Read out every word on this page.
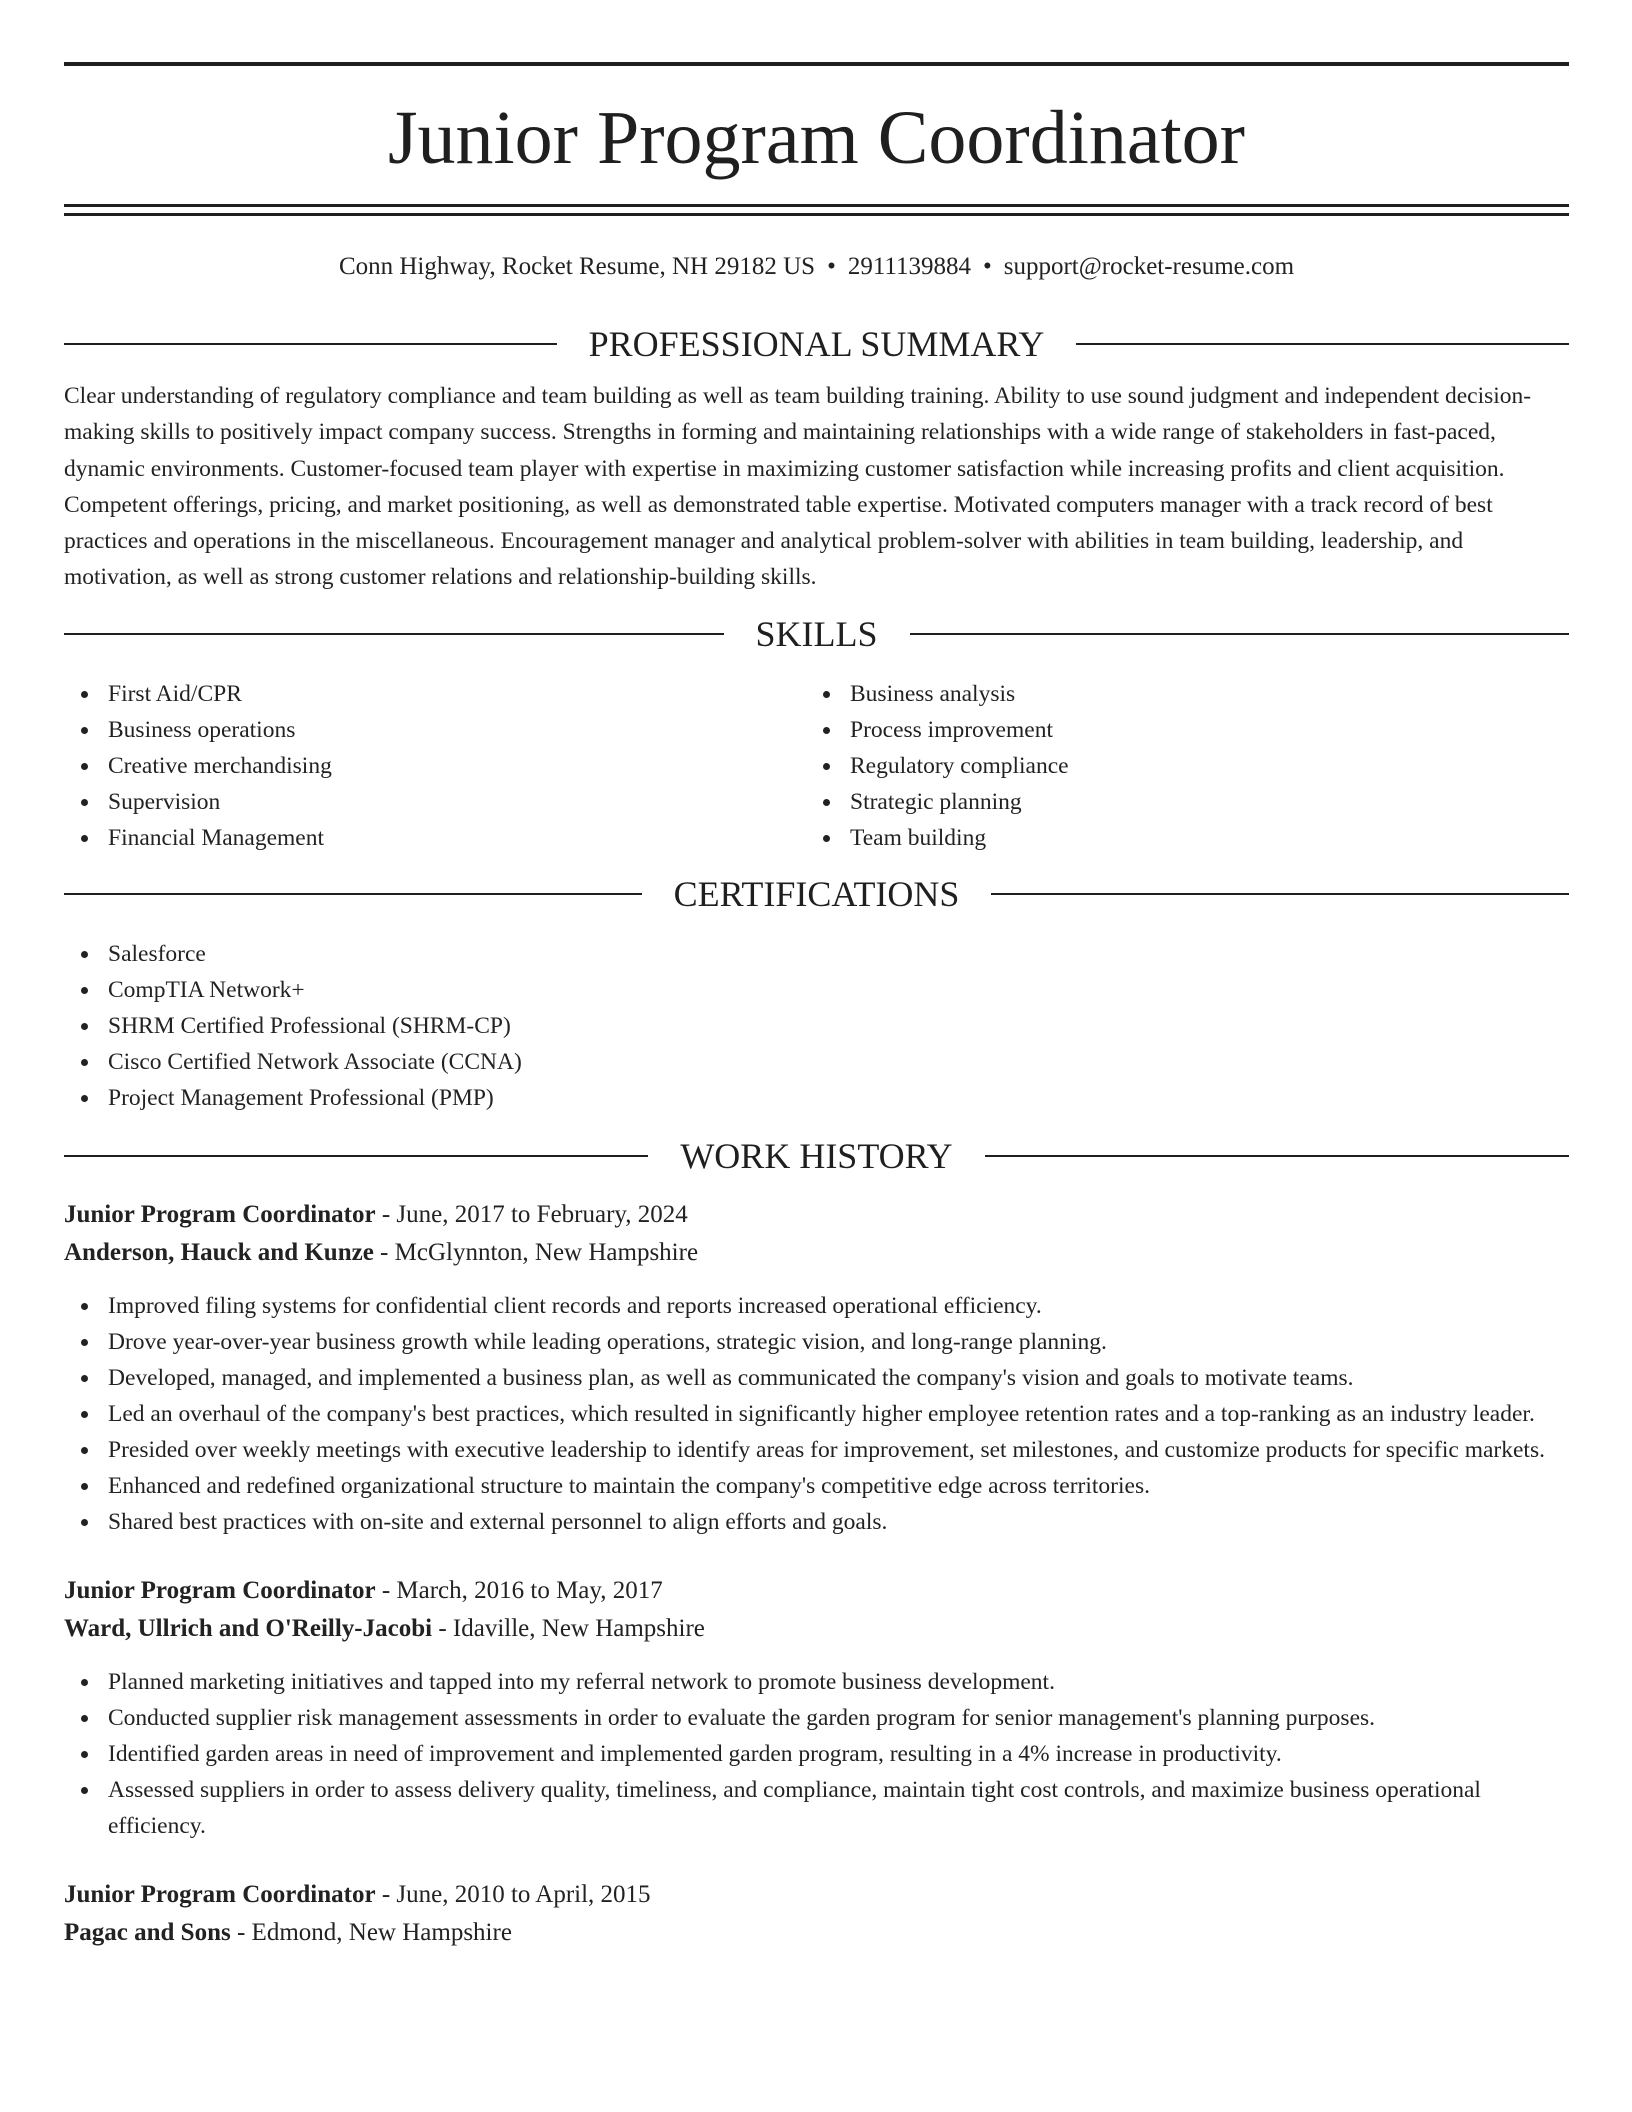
Junior Program Coordinator
Conn Highway, Rocket Resume, NH 29182 US • 2911139884 • support@rocket-resume.com
PROFESSIONAL SUMMARY

Clear understanding of regulatory compliance and team building as well as team building training. Ability to use sound judgment and independent decision-making skills to positively impact company success. Strengths in forming and maintaining relationships with a wide range of stakeholders in fast-paced, dynamic environments. Customer-focused team player with expertise in maximizing customer satisfaction while increasing profits and client acquisition. Competent offerings, pricing, and market positioning, as well as demonstrated table expertise. Motivated computers manager with a track record of best practices and operations in the miscellaneous. Encouragement manager and analytical problem-solver with abilities in team building, leadership, and motivation, as well as strong customer relations and relationship-building skills.

SKILLS
First Aid/CPR
Business operations
Creative merchandising
Supervision
Financial Management
Business analysis
Process improvement
Regulatory compliance
Strategic planning
Team building
CERTIFICATIONS
Salesforce
CompTIA Network+
SHRM Certified Professional (SHRM-CP)
Cisco Certified Network Associate (CCNA)
Project Management Professional (PMP)
WORK HISTORY
Junior Program Coordinator - June, 2017 to February, 2024
Anderson, Hauck and Kunze - McGlynnton, New Hampshire
Improved filing systems for confidential client records and reports increased operational efficiency.
Drove year-over-year business growth while leading operations, strategic vision, and long-range planning.
Developed, managed, and implemented a business plan, as well as communicated the company's vision and goals to motivate teams.
Led an overhaul of the company's best practices, which resulted in significantly higher employee retention rates and a top-ranking as an industry leader.
Presided over weekly meetings with executive leadership to identify areas for improvement, set milestones, and customize products for specific markets.
Enhanced and redefined organizational structure to maintain the company's competitive edge across territories.
Shared best practices with on-site and external personnel to align efforts and goals.
Junior Program Coordinator - March, 2016 to May, 2017
Ward, Ullrich and O'Reilly-Jacobi - Idaville, New Hampshire
Planned marketing initiatives and tapped into my referral network to promote business development.
Conducted supplier risk management assessments in order to evaluate the garden program for senior management's planning purposes.
Identified garden areas in need of improvement and implemented garden program, resulting in a 4% increase in productivity.
Assessed suppliers in order to assess delivery quality, timeliness, and compliance, maintain tight cost controls, and maximize business operational efficiency.
Junior Program Coordinator - June, 2010 to April, 2015
Pagac and Sons - Edmond, New Hampshire
